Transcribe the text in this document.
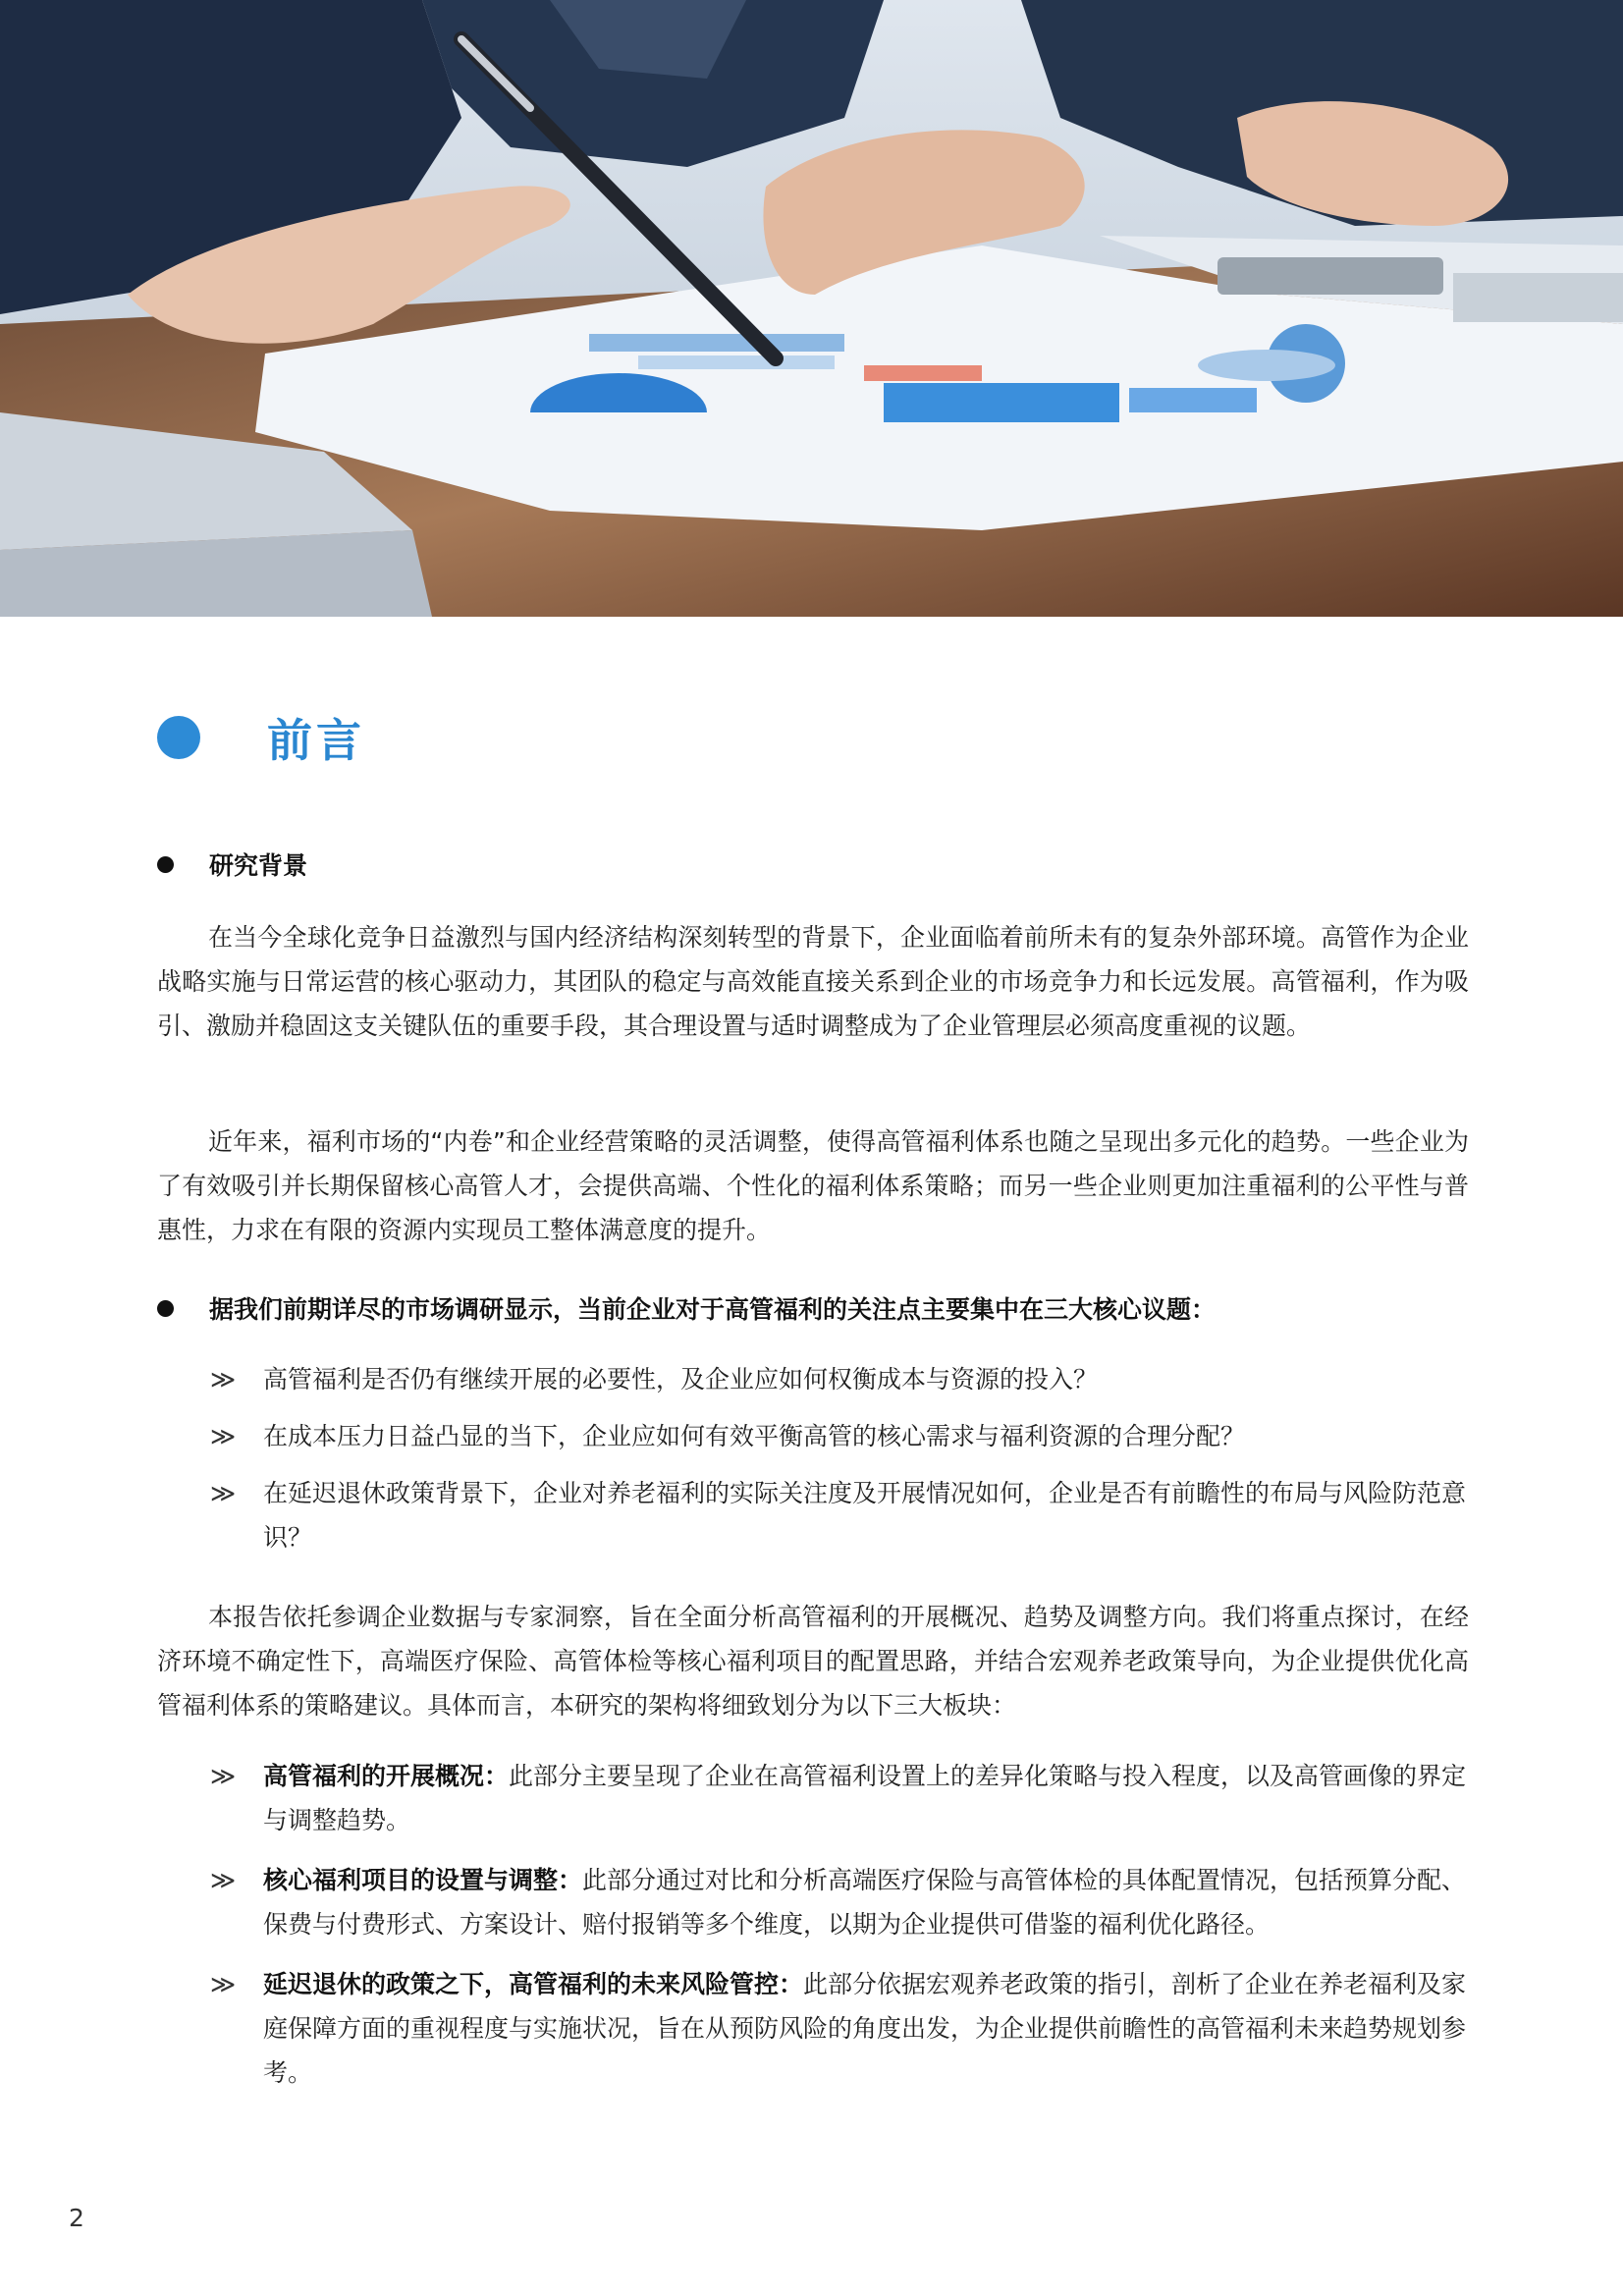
前言
研究背景

在当今全球化竞争日益激烈与国内经济结构深刻转型的背景下，企业面临着前所未有的复杂外部环境。高管作为企业战略实施与日常运营的核心驱动力，其团队的稳定与高效能直接关系到企业的市场竞争力和长远发展。高管福利，作为吸引、激励并稳固这支关键队伍的重要手段，其合理设置与适时调整成为了企业管理层必须高度重视的议题。

近年来，福利市场的“内卷”和企业经营策略的灵活调整，使得高管福利体系也随之呈现出多元化的趋势。一些企业为了有效吸引并长期保留核心高管人才，会提供高端、个性化的福利体系策略；而另一些企业则更加注重福利的公平性与普惠性，力求在有限的资源内实现员工整体满意度的提升。

据我们前期详尽的市场调研显示，当前企业对于高管福利的关注点主要集中在三大核心议题：
≫ 高管福利是否仍有继续开展的必要性，及企业应如何权衡成本与资源的投入？
≫ 在成本压力日益凸显的当下，企业应如何有效平衡高管的核心需求与福利资源的合理分配？
≫ 在延迟退休政策背景下，企业对养老福利的实际关注度及开展情况如何，企业是否有前瞻性的布局与风险防范意识？

本报告依托参调企业数据与专家洞察，旨在全面分析高管福利的开展概况、趋势及调整方向。我们将重点探讨，在经济环境不确定性下，高端医疗保险、高管体检等核心福利项目的配置思路，并结合宏观养老政策导向，为企业提供优化高管福利体系的策略建议。具体而言，本研究的架构将细致划分为以下三大板块：

≫ 高管福利的开展概况：此部分主要呈现了企业在高管福利设置上的差异化策略与投入程度，以及高管画像的界定与调整趋势。
≫ 核心福利项目的设置与调整：此部分通过对比和分析高端医疗保险与高管体检的具体配置情况，包括预算分配、保费与付费形式、方案设计、赔付报销等多个维度，以期为企业提供可借鉴的福利优化路径。
≫ 延迟退休的政策之下，高管福利的未来风险管控：此部分依据宏观养老政策的指引，剖析了企业在养老福利及家庭保障方面的重视程度与实施状况，旨在从预防风险的角度出发，为企业提供前瞻性的高管福利未来趋势规划参考。
2
